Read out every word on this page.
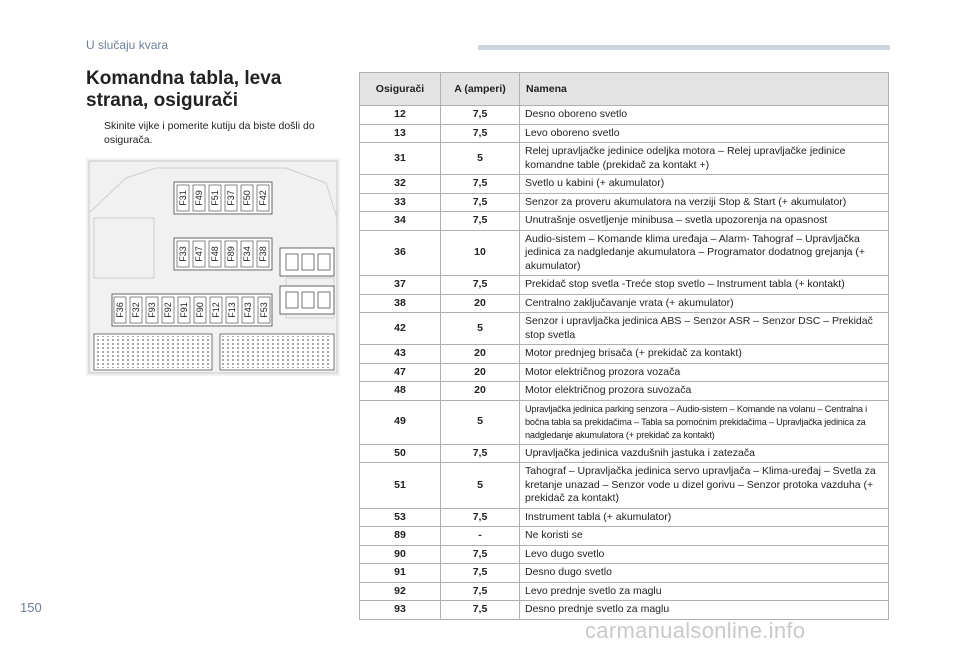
U slučaju kvara
Komandna tabla, leva strana, osigurači
Skinite vijke i pomerite kutiju da biste došli do osigurača.
F31 F49 F51 F37 F50 F42
F33 F47 F48 F89 F34 F38
F36 F32 F93 F92 F91 F90 F12 F13 F43 F53
Osigurači	A (amperi)	Namena
12	7,5	Desno oboreno svetlo
13	7,5	Levo oboreno svetlo
31	5	Relej upravljačke jedinice odeljka motora – Relej upravljačke jedinice komandne table (prekidač za kontakt +)
32	7,5	Svetlo u kabini (+ akumulator)
33	7,5	Senzor za proveru akumulatora na verziji Stop & Start (+ akumulator)
34	7,5	Unutrašnje osvetljenje minibusa – svetla upozorenja na opasnost
36	10	Audio-sistem – Komande klima uređaja – Alarm- Tahograf – Upravljačka jedinica za nadgledanje akumulatora – Programator dodatnog grejanja (+ akumulator)
37	7,5	Prekidač stop svetla -Treće stop svetlo – Instrument tabla (+ kontakt)
38	20	Centralno zaključavanje vrata (+ akumulator)
42	5	Senzor i upravljačka jedinica ABS – Senzor ASR – Senzor DSC – Prekidač stop svetla
43	20	Motor prednjeg brisača (+ prekidač za kontakt)
47	20	Motor električnog prozora vozača
48	20	Motor električnog prozora suvozača
49	5	Upravljačka jedinica parking senzora – Audio-sistem – Komande na volanu – Centralna i bočna tabla sa prekidačima – Tabla sa pomoćnim prekidačima – Upravljačka jedinica za nadgledanje akumulatora (+ prekidač za kontakt)
50	7,5	Upravljačka jedinica vazdušnih jastuka i zatezača
51	5	Tahograf – Upravljačka jedinica servo upravljača – Klima-uređaj – Svetla za kretanje unazad – Senzor vode u dizel gorivu – Senzor protoka vazduha (+ prekidač za kontakt)
53	7,5	Instrument tabla (+ akumulator)
89	-	Ne koristi se
90	7,5	Levo dugo svetlo
91	7,5	Desno dugo svetlo
92	7,5	Levo prednje svetlo za maglu
93	7,5	Desno prednje svetlo za maglu
150
carmanualsonline.info
